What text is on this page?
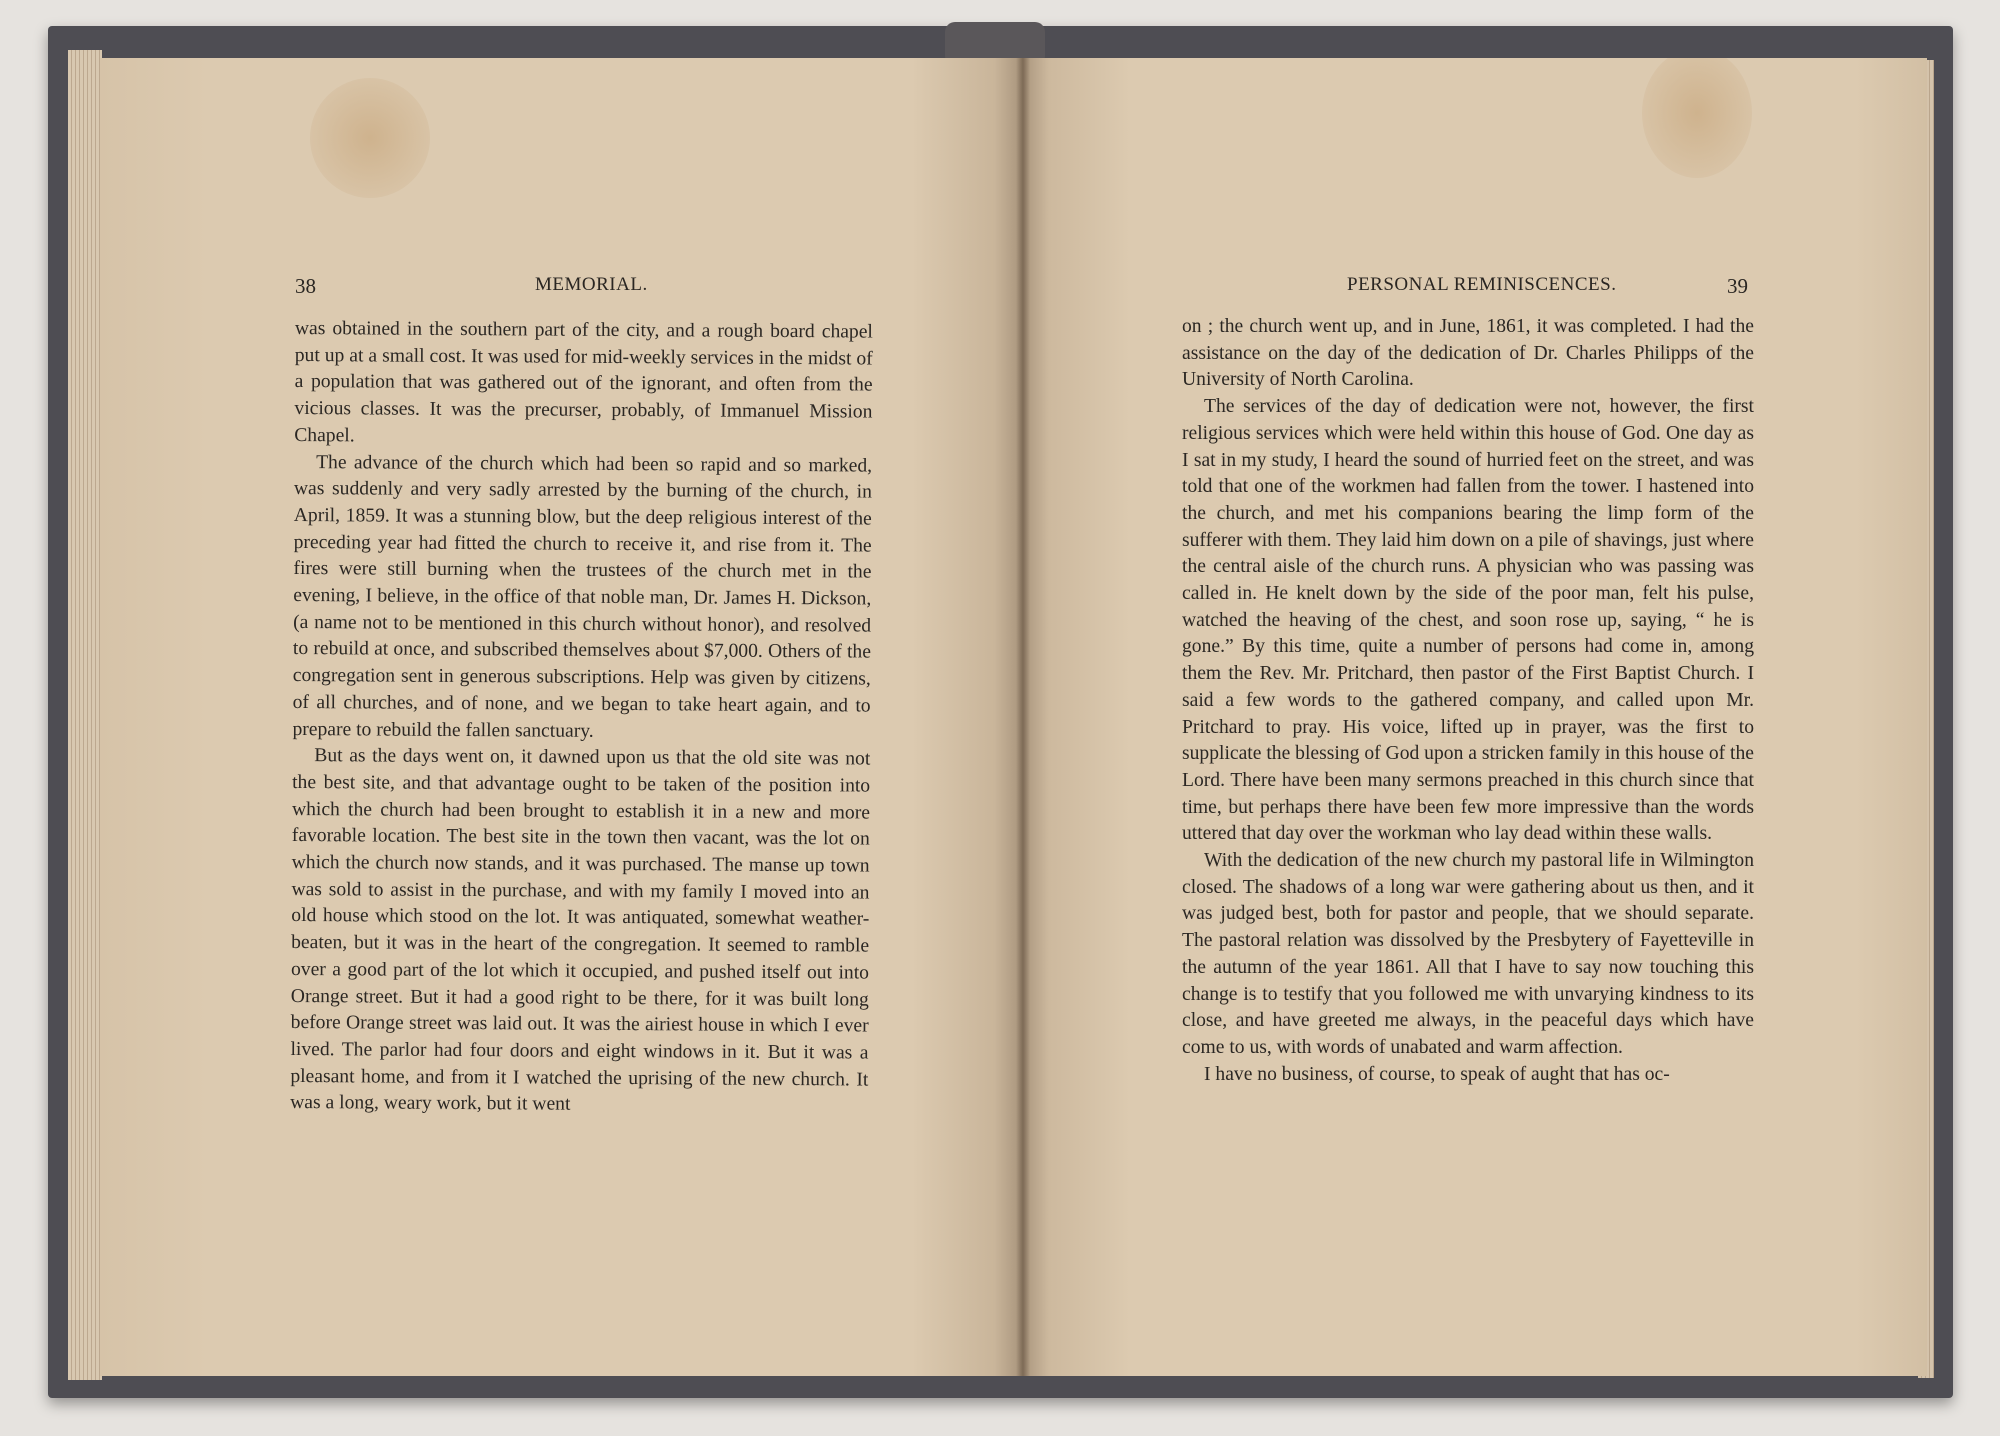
38	MEMORIAL.

was obtained in the southern part of the city, and a rough board chapel put up at a small cost. It was used for mid-weekly services in the midst of a population that was gathered out of the ignorant, and often from the vicious classes. It was the precurser, probably, of Immanuel Mission Chapel.

The advance of the church which had been so rapid and so marked, was suddenly and very sadly arrested by the burning of the church, in April, 1859. It was a stunning blow, but the deep religious interest of the preceding year had fitted the church to receive it, and rise from it. The fires were still burning when the trustees of the church met in the evening, I believe, in the office of that noble man, Dr. James H. Dickson, (a name not to be mentioned in this church without honor), and resolved to rebuild at once, and subscribed themselves about $7,000. Others of the congregation sent in generous subscriptions. Help was given by citizens, of all churches, and of none, and we began to take heart again, and to prepare to rebuild the fallen sanctuary.

But as the days went on, it dawned upon us that the old site was not the best site, and that advantage ought to be taken of the position into which the church had been brought to establish it in a new and more favorable location. The best site in the town then vacant, was the lot on which the church now stands, and it was purchased. The manse up town was sold to assist in the purchase, and with my family I moved into an old house which stood on the lot. It was antiquated, somewhat weather-beaten, but it was in the heart of the congregation. It seemed to ramble over a good part of the lot which it occupied, and pushed itself out into Orange street. But it had a good right to be there, for it was built long before Orange street was laid out. It was the airiest house in which I ever lived. The parlor had four doors and eight windows in it. But it was a pleasant home, and from it I watched the uprising of the new church. It was a long, weary work, but it went

PERSONAL REMINISCENCES.	39

on ; the church went up, and in June, 1861, it was completed. I had the assistance on the day of the dedication of Dr. Charles Philipps of the University of North Carolina.

The services of the day of dedication were not, however, the first religious services which were held within this house of God. One day as I sat in my study, I heard the sound of hurried feet on the street, and was told that one of the workmen had fallen from the tower. I hastened into the church, and met his companions bearing the limp form of the sufferer with them. They laid him down on a pile of shavings, just where the central aisle of the church runs. A physician who was passing was called in. He knelt down by the side of the poor man, felt his pulse, watched the heaving of the chest, and soon rose up, saying, “ he is gone.” By this time, quite a number of persons had come in, among them the Rev. Mr. Pritchard, then pastor of the First Baptist Church. I said a few words to the gathered company, and called upon Mr. Pritchard to pray. His voice, lifted up in prayer, was the first to supplicate the blessing of God upon a stricken family in this house of the Lord. There have been many sermons preached in this church since that time, but perhaps there have been few more impressive than the words uttered that day over the workman who lay dead within these walls.

With the dedication of the new church my pastoral life in Wilmington closed. The shadows of a long war were gathering about us then, and it was judged best, both for pastor and people, that we should separate. The pastoral relation was dissolved by the Presbytery of Fayetteville in the autumn of the year 1861. All that I have to say now touching this change is to testify that you followed me with unvarying kindness to its close, and have greeted me always, in the peaceful days which have come to us, with words of unabated and warm affection.

I have no business, of course, to speak of aught that has oc-
